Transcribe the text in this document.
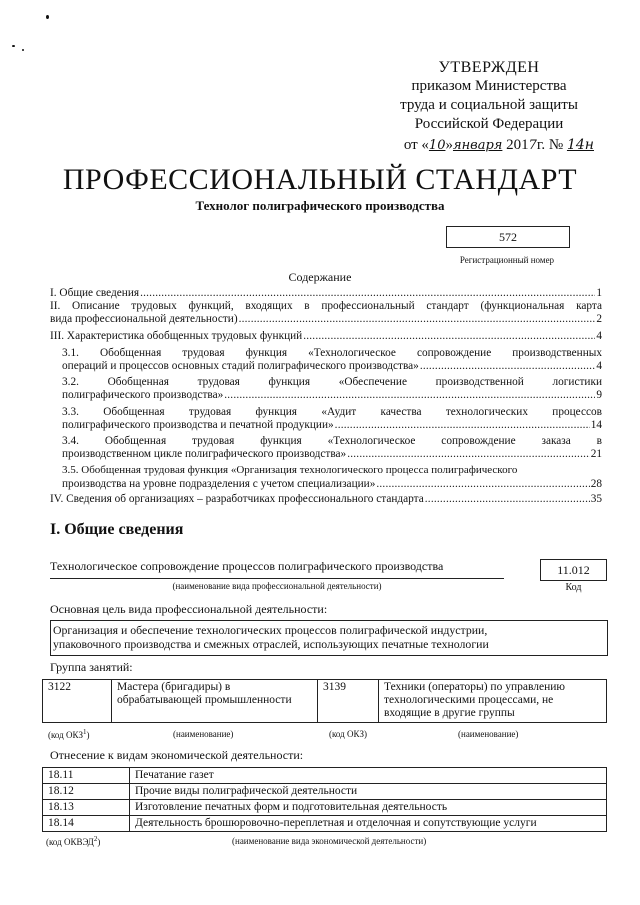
УТВЕРЖДЕН
приказом Министерства
труда и социальной защиты
Российской Федерации
от «10»января 2017г. № 14н
ПРОФЕССИОНАЛЬНЫЙ СТАНДАРТ
Технолог полиграфического производства
572
Регистрационный номер
Содержание
I. Общие сведения .....	1
II. Описание трудовых функций, входящих в профессиональный стандарт (функциональная карта
вида профессиональной деятельности) .....	2
III. Характеристика обобщенных трудовых функций .....	4
3.1. Обобщенная трудовая функция «Технологическое сопровождение производственных
операций и процессов основных стадий полиграфического производства» .....	4
3.2. Обобщенная трудовая функция «Обеспечение производственной логистики
полиграфического производства» .....	9
3.3. Обобщенная трудовая функция «Аудит качества технологических процессов
полиграфического производства и печатной продукции» .....	14
3.4. Обобщенная трудовая функция «Технологическое сопровождение заказа в
производственном цикле полиграфического производства» .....	21
3.5. Обобщенная трудовая функция «Организация технологического процесса полиграфического
производства на уровне подразделения с учетом специализации» .....	28
IV. Сведения об организациях – разработчиках профессионального стандарта .....	35
I. Общие сведения
Технологическое сопровождение процессов полиграфического производства
(наименование вида профессиональной деятельности)
11.012
Код
Основная цель вида профессиональной деятельности:
Организация и обеспечение технологических процессов полиграфической индустрии,
упаковочного производства и смежных отраслей, использующих печатные технологии
Группа занятий:
3122	Мастера (бригадиры) в обрабатывающей промышленности	3139	Техники (операторы) по управлению технологическими процессами, не входящие в другие группы
(код ОКЗ$^1$)	(наименование)	(код ОКЗ)	(наименование)
Отнесение к видам экономической деятельности:
18.11	Печатание газет
18.12	Прочие виды полиграфической деятельности
18.13	Изготовление печатных форм и подготовительная деятельность
18.14	Деятельность брошюровочно-переплетная и отделочная и сопутствующие услуги
(код ОКВЭД$^2$)	(наименование вида экономической деятельности)
